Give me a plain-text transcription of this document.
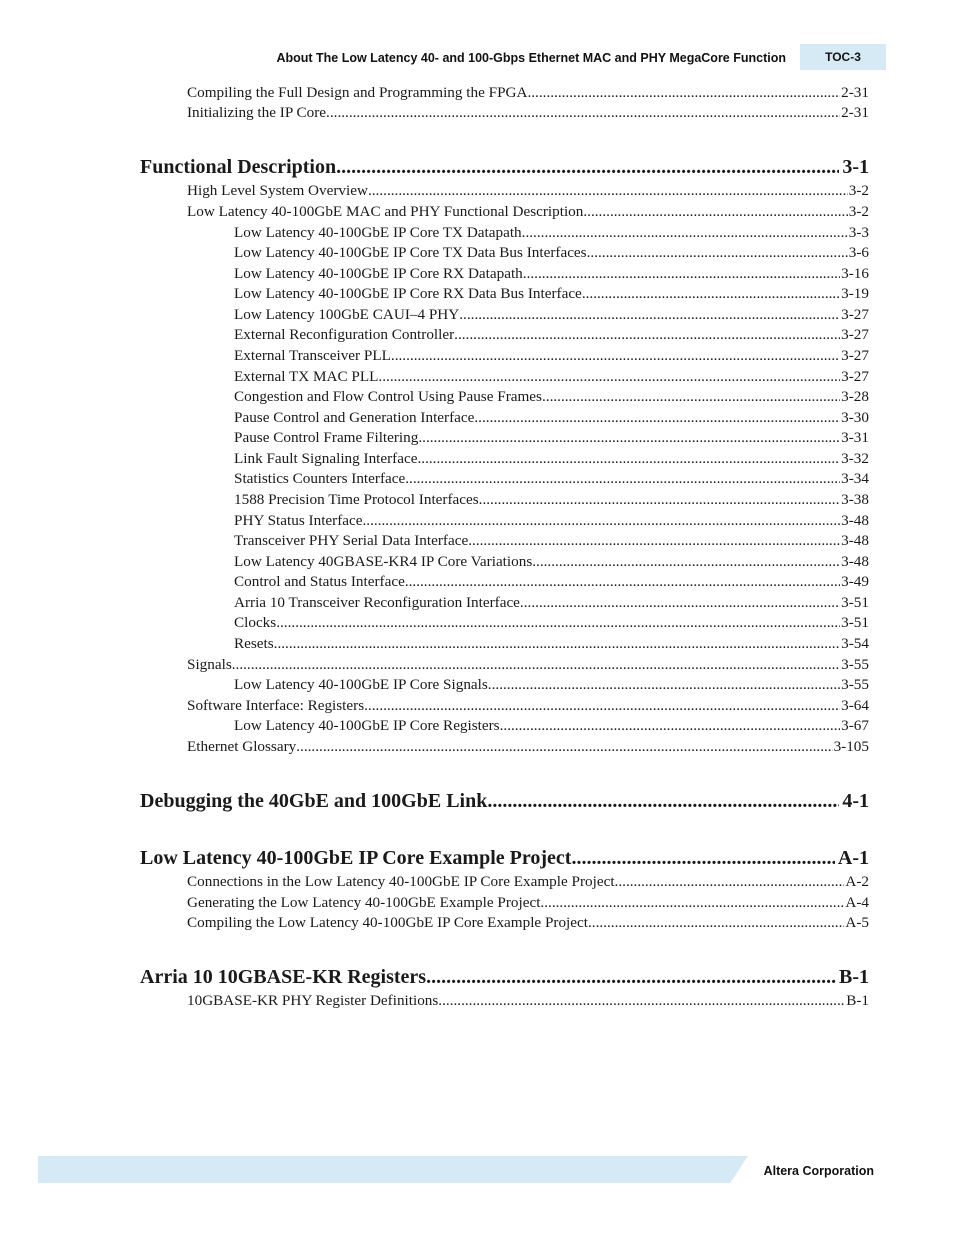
About The Low Latency 40- and 100-Gbps Ethernet MAC and PHY MegaCore Function	TOC-3
Compiling the Full Design and Programming the FPGA .....	2-31
Initializing the IP Core .....	2-31
Functional Description .....	3-1
High Level System Overview .....	3-2
Low Latency 40-100GbE MAC and PHY Functional Description .....	3-2
Low Latency 40-100GbE IP Core TX Datapath .....	3-3
Low Latency 40-100GbE IP Core TX Data Bus Interfaces .....	3-6
Low Latency 40-100GbE IP Core RX Datapath .....	3-16
Low Latency 40-100GbE IP Core RX Data Bus Interface .....	3-19
Low Latency 100GbE CAUI–4 PHY .....	3-27
External Reconfiguration Controller .....	3-27
External Transceiver PLL .....	3-27
External TX MAC PLL .....	3-27
Congestion and Flow Control Using Pause Frames .....	3-28
Pause Control and Generation Interface .....	3-30
Pause Control Frame Filtering .....	3-31
Link Fault Signaling Interface .....	3-32
Statistics Counters Interface .....	3-34
1588 Precision Time Protocol Interfaces .....	3-38
PHY Status Interface .....	3-48
Transceiver PHY Serial Data Interface .....	3-48
Low Latency 40GBASE-KR4 IP Core Variations .....	3-48
Control and Status Interface .....	3-49
Arria 10 Transceiver Reconfiguration Interface .....	3-51
Clocks .....	3-51
Resets .....	3-54
Signals .....	3-55
Low Latency 40-100GbE IP Core Signals .....	3-55
Software Interface: Registers .....	3-64
Low Latency 40-100GbE IP Core Registers .....	3-67
Ethernet Glossary .....	3-105
Debugging the 40GbE and 100GbE Link .....	4-1
Low Latency 40-100GbE IP Core Example Project .....	A-1
Connections in the Low Latency 40-100GbE IP Core Example Project .....	A-2
Generating the Low Latency 40-100GbE Example Project .....	A-4
Compiling the Low Latency 40-100GbE IP Core Example Project .....	A-5
Arria 10 10GBASE-KR Registers .....	B-1
10GBASE-KR PHY Register Definitions .....	B-1
Altera Corporation
